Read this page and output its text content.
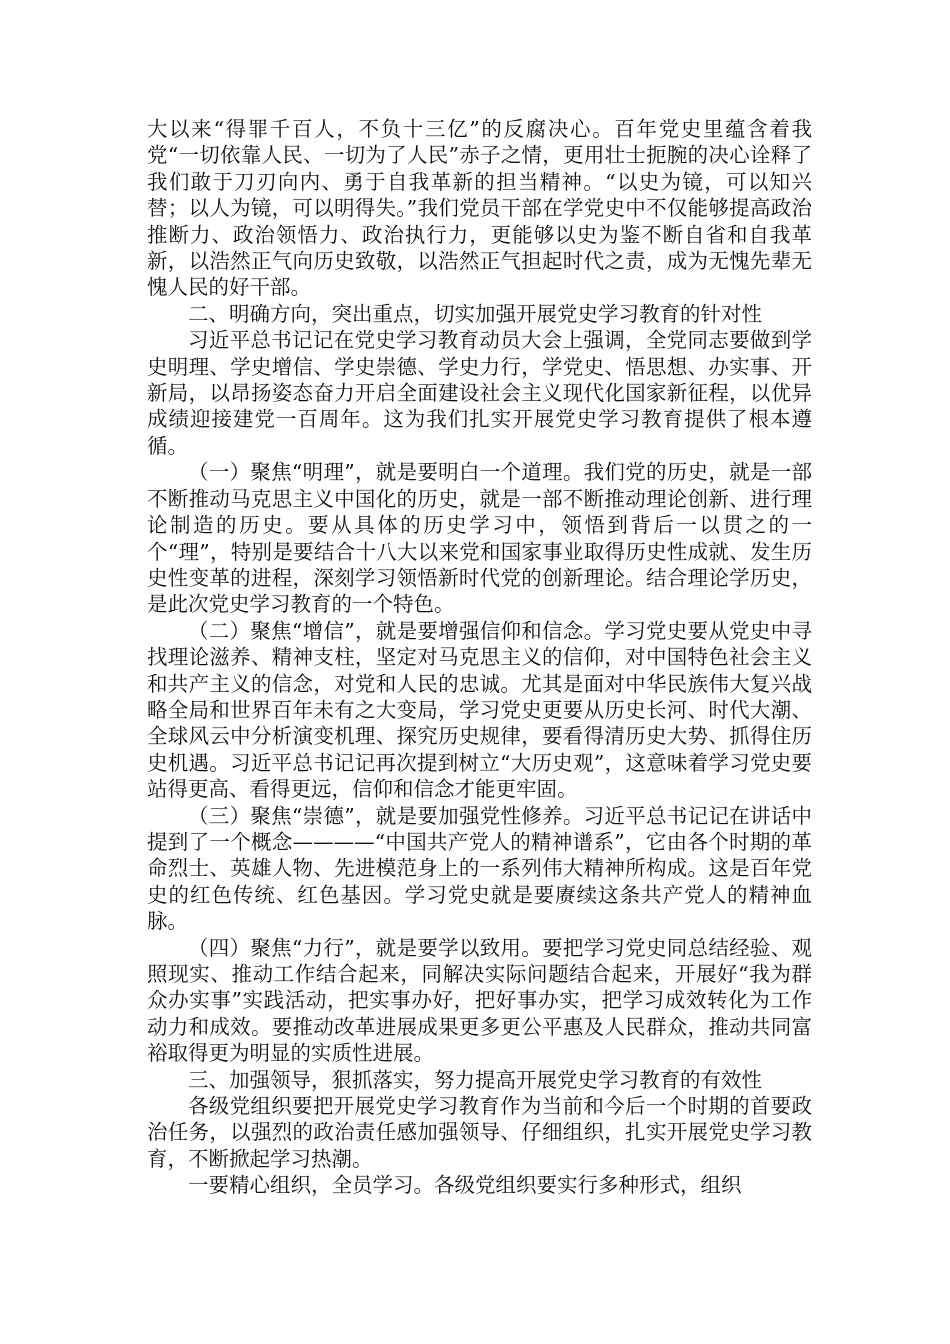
大以来“得罪千百人，不负十三亿”的反腐决心。百年党史里蕴含着我党“一切依靠人民、一切为了人民”赤子之情，更用壮士扼腕的决心诠释了我们敢于刀刃向内、勇于自我革新的担当精神。“以史为镜，可以知兴替；以人为镜，可以明得失。”我们党员干部在学党史中不仅能够提高政治推断力、政治领悟力、政治执行力，更能够以史为鉴不断自省和自我革新，以浩然正气向历史致敬，以浩然正气担起时代之责，成为无愧先辈无愧人民的好干部。

二、明确方向，突出重点，切实加强开展党史学习教育的针对性

习近平总书记记在党史学习教育动员大会上强调，全党同志要做到学史明理、学史增信、学史崇德、学史力行，学党史、悟思想、办实事、开新局，以昂扬姿态奋力开启全面建设社会主义现代化国家新征程，以优异成绩迎接建党一百周年。这为我们扎实开展党史学习教育提供了根本遵循。

（一）聚焦“明理”，就是要明白一个道理。我们党的历史，就是一部不断推动马克思主义中国化的历史，就是一部不断推动理论创新、进行理论制造的历史。要从具体的历史学习中，领悟到背后一以贯之的一个“理”，特别是要结合十八大以来党和国家事业取得历史性成就、发生历史性变革的进程，深刻学习领悟新时代党的创新理论。结合理论学历史，是此次党史学习教育的一个特色。

（二）聚焦“增信”，就是要增强信仰和信念。学习党史要从党史中寻找理论滋养、精神支柱，坚定对马克思主义的信仰，对中国特色社会主义和共产主义的信念，对党和人民的忠诚。尤其是面对中华民族伟大复兴战略全局和世界百年未有之大变局，学习党史更要从历史长河、时代大潮、全球风云中分析演变机理、探究历史规律，要看得清历史大势、抓得住历史机遇。习近平总书记记再次提到树立“大历史观”，这意味着学习党史要站得更高、看得更远，信仰和信念才能更牢固。

（三）聚焦“崇德”，就是要加强党性修养。习近平总书记记在讲话中提到了一个概念————“中国共产党人的精神谱系”，它由各个时期的革命烈士、英雄人物、先进模范身上的一系列伟大精神所构成。这是百年党史的红色传统、红色基因。学习党史就是要赓续这条共产党人的精神血脉。

（四）聚焦“力行”，就是要学以致用。要把学习党史同总结经验、观照现实、推动工作结合起来，同解决实际问题结合起来，开展好“我为群众办实事”实践活动，把实事办好，把好事办实，把学习成效转化为工作动力和成效。要推动改革进展成果更多更公平惠及人民群众，推动共同富裕取得更为明显的实质性进展。

三、加强领导，狠抓落实，努力提高开展党史学习教育的有效性

各级党组织要把开展党史学习教育作为当前和今后一个时期的首要政治任务，以强烈的政治责任感加强领导、仔细组织，扎实开展党史学习教育，不断掀起学习热潮。

一要精心组织，全员学习。各级党组织要实行多种形式，组织
